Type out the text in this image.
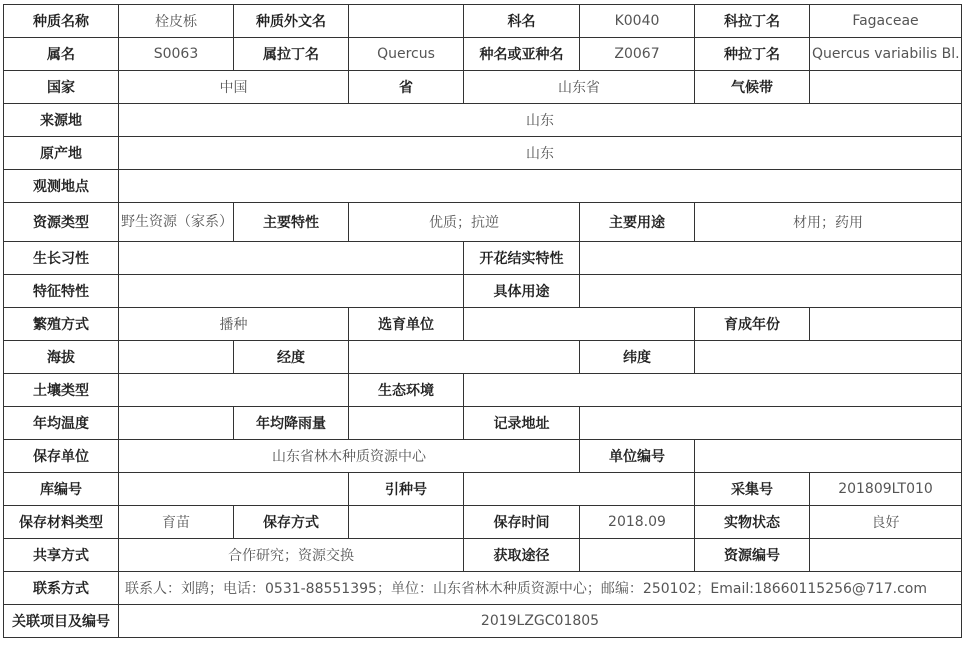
种质名称	栓皮栎	种质外文名		科名	K0040	科拉丁名	Fagaceae
属名	S0063	属拉丁名	Quercus	种名或亚种名	Z0067	种拉丁名	Quercus variabilis Bl.
国家	中国		省	山东省		气候带	
来源地	山东						
原产地	山东						
观测地点							
资源类型	野生资源（家系）	主要特性	优质；抗逆		主要用途	材用；药用	
生长习性				开花结实特性			
特征特性				具体用途			
繁殖方式	播种		选育单位			育成年份	
海拔		经度			纬度		
土壤类型			生态环境				
年均温度		年均降雨量		记录地址			
保存单位	山东省林木种质资源中心				单位编号		
库编号			引种号			采集号	201809LT010
保存材料类型	育苗	保存方式		保存时间	2018.09	实物状态	良好
共享方式	合作研究；资源交换			获取途径		资源编号	
联系方式	联系人：刘鹍；电话：0531-88551395；单位：山东省林木种质资源中心；邮编：250102；Email:18660115256@717.com						
关联项目及编号	2019LZGC01805						
